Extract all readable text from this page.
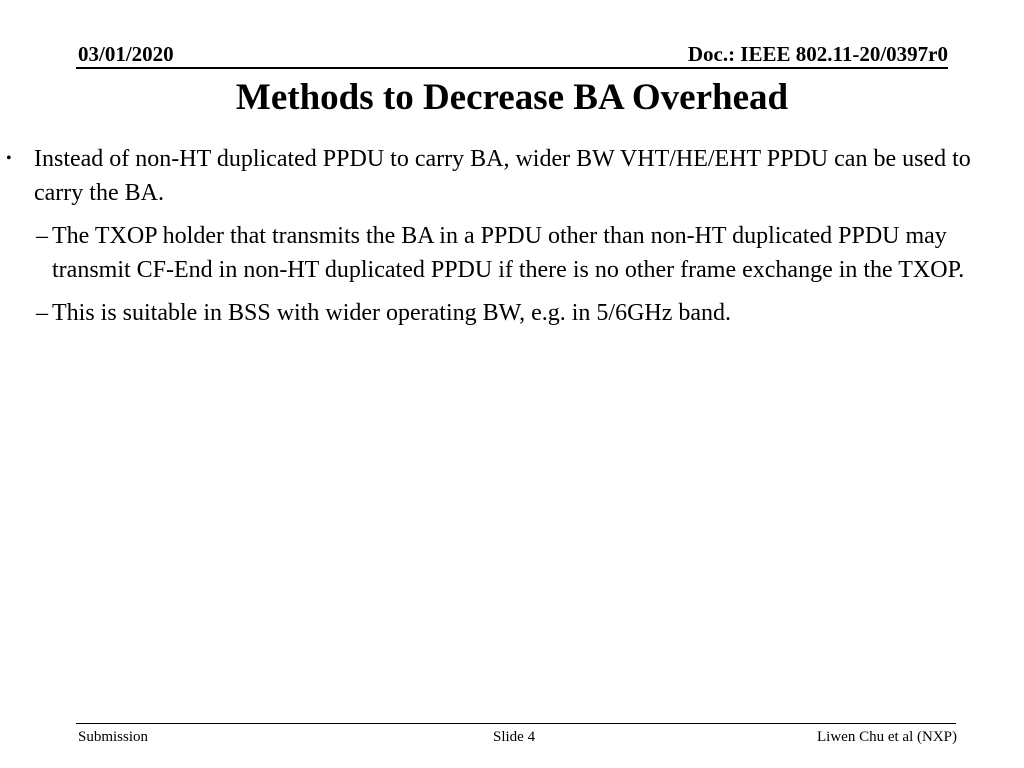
03/01/2020	Doc.: IEEE 802.11-20/0397r0
Methods to Decrease BA Overhead
• Instead of non-HT duplicated PPDU to carry BA, wider BW VHT/HE/EHT PPDU can be used to carry the BA.
– The TXOP holder that transmits the BA in a PPDU other than non-HT duplicated PPDU may transmit CF-End in non-HT duplicated PPDU if there is no other frame exchange in the TXOP.
– This is suitable in BSS with wider operating BW, e.g. in 5/6GHz band.
Submission	Slide 4	Liwen Chu et al (NXP)
